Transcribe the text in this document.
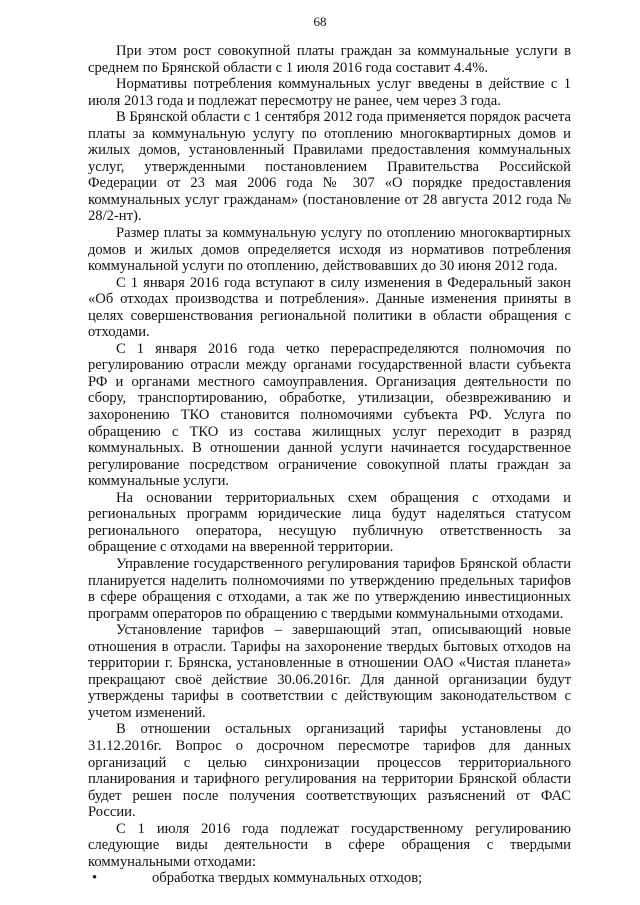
68

При этом рост совокупной платы граждан за коммунальные услуги в среднем по Брянской области с 1 июля 2016 года составит 4.4%.

Нормативы потребления коммунальных услуг введены в действие с 1 июля 2013 года и подлежат пересмотру не ранее, чем через 3 года.

В Брянской области с 1 сентября 2012 года применяется порядок расчета платы за коммунальную услугу по отоплению многоквартирных домов и жилых домов, установленный Правилами предоставления коммунальных услуг, утвержденными постановлением Правительства Российской Федерации от 23 мая 2006 года № 307 «О порядке предоставления коммунальных услуг гражданам» (постановление от 28 августа 2012 года № 28/2-нт).

Размер платы за коммунальную услугу по отоплению многоквартирных домов и жилых домов определяется исходя из нормативов потребления коммунальной услуги по отоплению, действовавших до 30 июня 2012 года.

С 1 января 2016 года вступают в силу изменения в Федеральный закон «Об отходах производства и потребления». Данные изменения приняты в целях совершенствования региональной политики в области обращения с отходами.

С 1 января 2016 года четко перераспределяются полномочия по регулированию отрасли между органами государственной власти субъекта РФ и органами местного самоуправления. Организация деятельности по сбору, транспортированию, обработке, утилизации, обезвреживанию и захоронению ТКО становится полномочиями субъекта РФ. Услуга по обращению с ТКО из состава жилищных услуг переходит в разряд коммунальных. В отношении данной услуги начинается государственное регулирование посредством ограничение совокупной платы граждан за коммунальные услуги.

На основании территориальных схем обращения с отходами и региональных программ юридические лица будут наделяться статусом регионального оператора, несущую публичную ответственность за обращение с отходами на вверенной территории.

Управление государственного регулирования тарифов Брянской области планируется наделить полномочиями по утверждению предельных тарифов в сфере обращения с отходами, а так же по утверждению инвестиционных программ операторов по обращению с твердыми коммунальными отходами.

Установление тарифов – завершающий этап, описывающий новые отношения в отрасли. Тарифы на захоронение твердых бытовых отходов на территории г. Брянска, установленные в отношении ОАО «Чистая планета» прекращают своё действие 30.06.2016г. Для данной организации будут утверждены тарифы в соответствии с действующим законодательством с учетом изменений.

В отношении остальных организаций тарифы установлены до 31.12.2016г. Вопрос о досрочном пересмотре тарифов для данных организаций с целью синхронизации процессов территориального планирования и тарифного регулирования на территории Брянской области будет решен после получения соответствующих разъяснений от ФАС России.

С 1 июля 2016 года подлежат государственному регулированию следующие виды деятельности в сфере обращения с твердыми коммунальными отходами:

•	обработка твердых коммунальных отходов;
